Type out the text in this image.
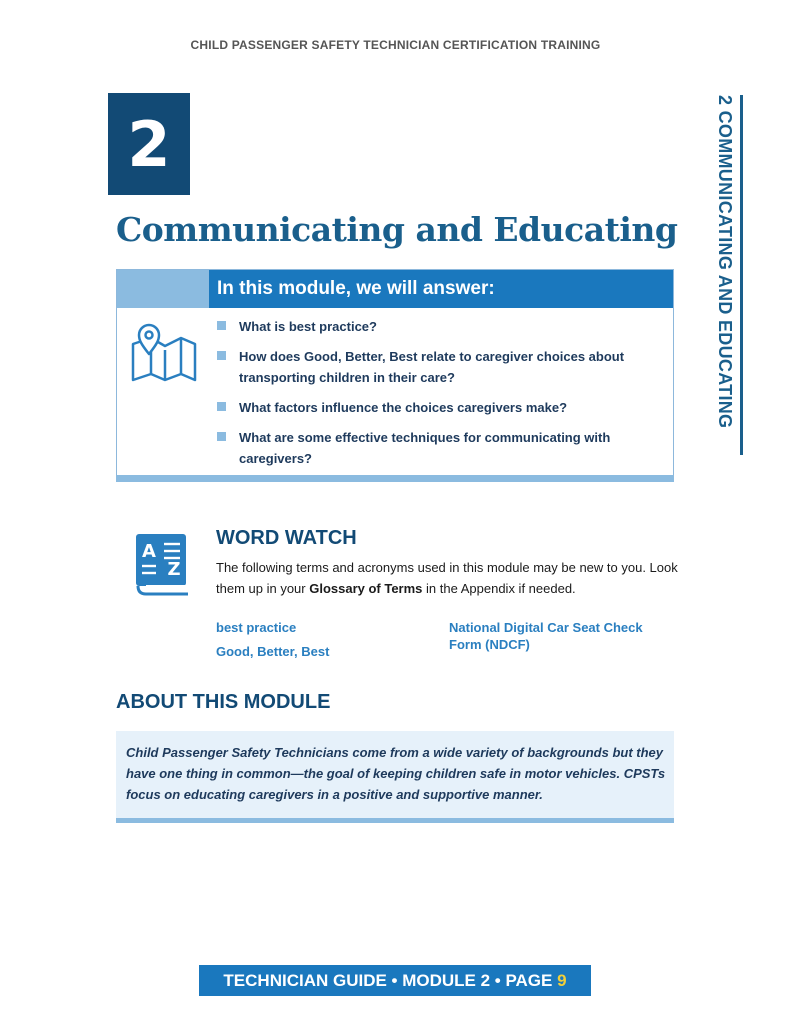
CHILD PASSENGER SAFETY TECHNICIAN CERTIFICATION TRAINING
2
Communicating and Educating 2 COMMUNICATING AND EDUCATING
In this module, we will answer:
What is best practice?
How does Good, Better, Best relate to caregiver choices about transporting children in their care?
What factors influence the choices caregivers make?
What are some effective techniques for communicating with caregivers?
A
Z
WORD WATCH

The following terms and acronyms used in this module may be new to you. Look them up in your Glossary of Terms in the Appendix if needed.

best practice
Good, Better, Best
National Digital Car Seat Check Form (NDCF)
ABOUT THIS MODULE

Child Passenger Safety Technicians come from a wide variety of backgrounds but they have one thing in common—the goal of keeping children safe in motor vehicles. CPSTs focus on educating caregivers in a positive and supportive manner.

TECHNICIAN GUIDE • MODULE 2 • PAGE 9
